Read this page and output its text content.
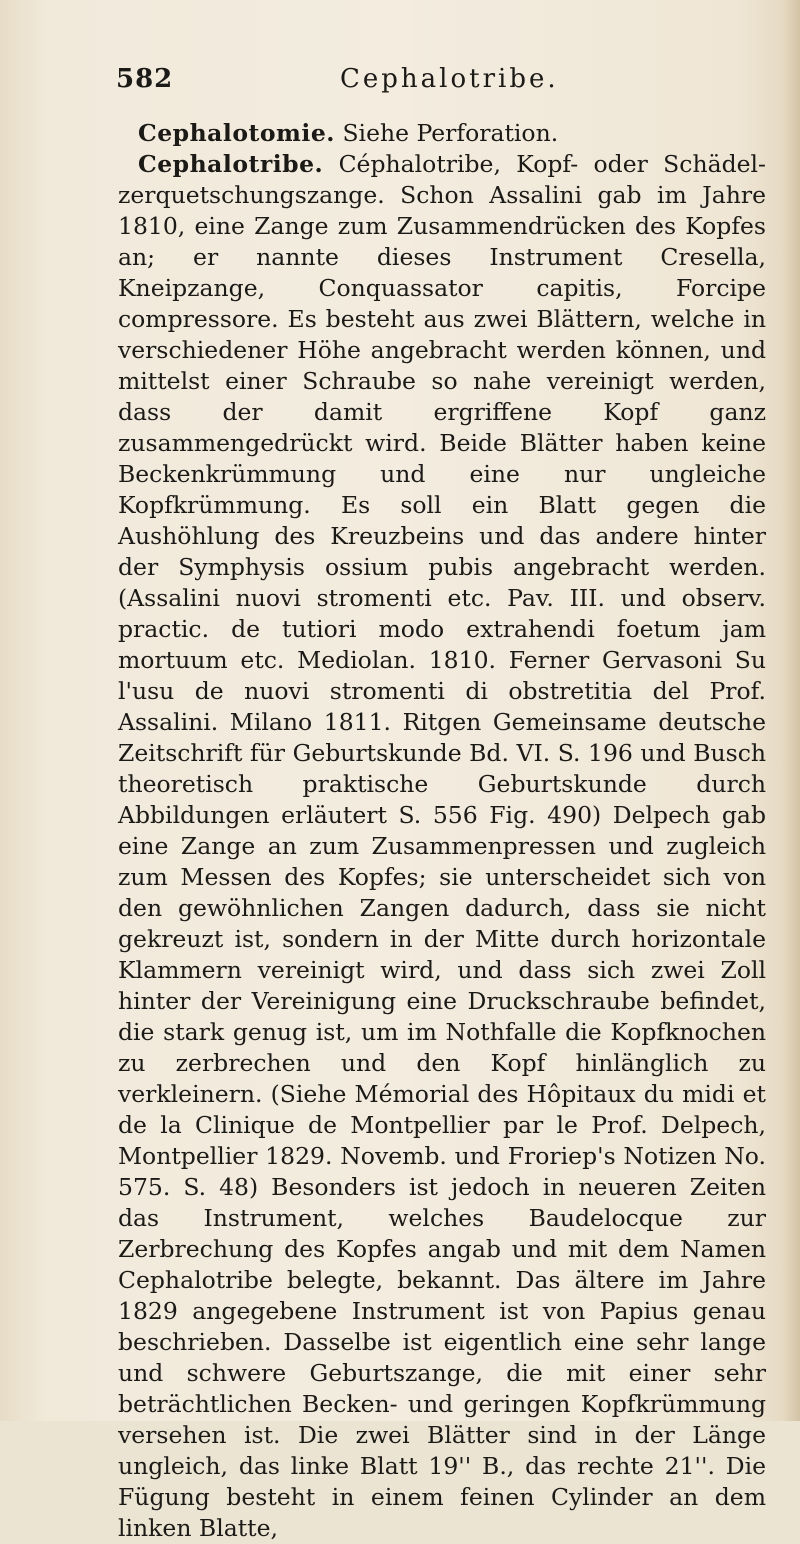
582	Cephalotribe.

Cephalotomie. Siehe Perforation.

Cephalotribe. Céphalotribe, Kopf- oder Schädel-zerquetschungszange. Schon Assalini gab im Jahre 1810, eine Zange zum Zusammendrücken des Kopfes an; er nannte dieses Instrument Cresella, Kneipzange, Conquassator capitis, Forcipe compressore. Es besteht aus zwei Blättern, welche in verschiedener Höhe angebracht werden können, und mittelst einer Schraube so nahe vereinigt werden, dass der damit ergriffene Kopf ganz zusammengedrückt wird. Beide Blätter haben keine Beckenkrümmung und eine nur ungleiche Kopfkrümmung. Es soll ein Blatt gegen die Aushöhlung des Kreuzbeins und das andere hinter der Symphysis ossium pubis angebracht werden. (Assalini nuovi stromenti etc. Pav. III. und observ. practic. de tutiori modo extrahendi foetum jam mortuum etc. Mediolan. 1810. Ferner Gervasoni Su l'usu de nuovi stromenti di obstretitia del Prof. Assalini. Milano 1811. Ritgen Gemeinsame deutsche Zeitschrift für Geburtskunde Bd. VI. S. 196 und Busch theoretisch praktische Geburtskunde durch Abbildungen erläutert S. 556 Fig. 490) Delpech gab eine Zange an zum Zusammenpressen und zugleich zum Messen des Kopfes; sie unterscheidet sich von den gewöhnlichen Zangen dadurch, dass sie nicht gekreuzt ist, sondern in der Mitte durch horizontale Klammern vereinigt wird, und dass sich zwei Zoll hinter der Vereinigung eine Druckschraube befindet, die stark genug ist, um im Nothfalle die Kopfknochen zu zerbrechen und den Kopf hinlänglich zu verkleinern. (Siehe Mémorial des Hôpitaux du midi et de la Clinique de Montpellier par le Prof. Delpech, Montpellier 1829. Novemb. und Froriep's Notizen No. 575. S. 48) Besonders ist jedoch in neueren Zeiten das Instrument, welches Baudelocque zur Zerbrechung des Kopfes angab und mit dem Namen Cephalotribe belegte, bekannt. Das ältere im Jahre 1829 angegebene Instrument ist von Papius genau beschrieben. Dasselbe ist eigentlich eine sehr lange und schwere Geburtszange, die mit einer sehr beträchtlichen Becken- und geringen Kopfkrümmung versehen ist. Die zwei Blätter sind in der Länge ungleich, das linke Blatt 19'' B., das rechte 21''. Die Fügung besteht in einem feinen Cylinder an dem linken Blatte,
